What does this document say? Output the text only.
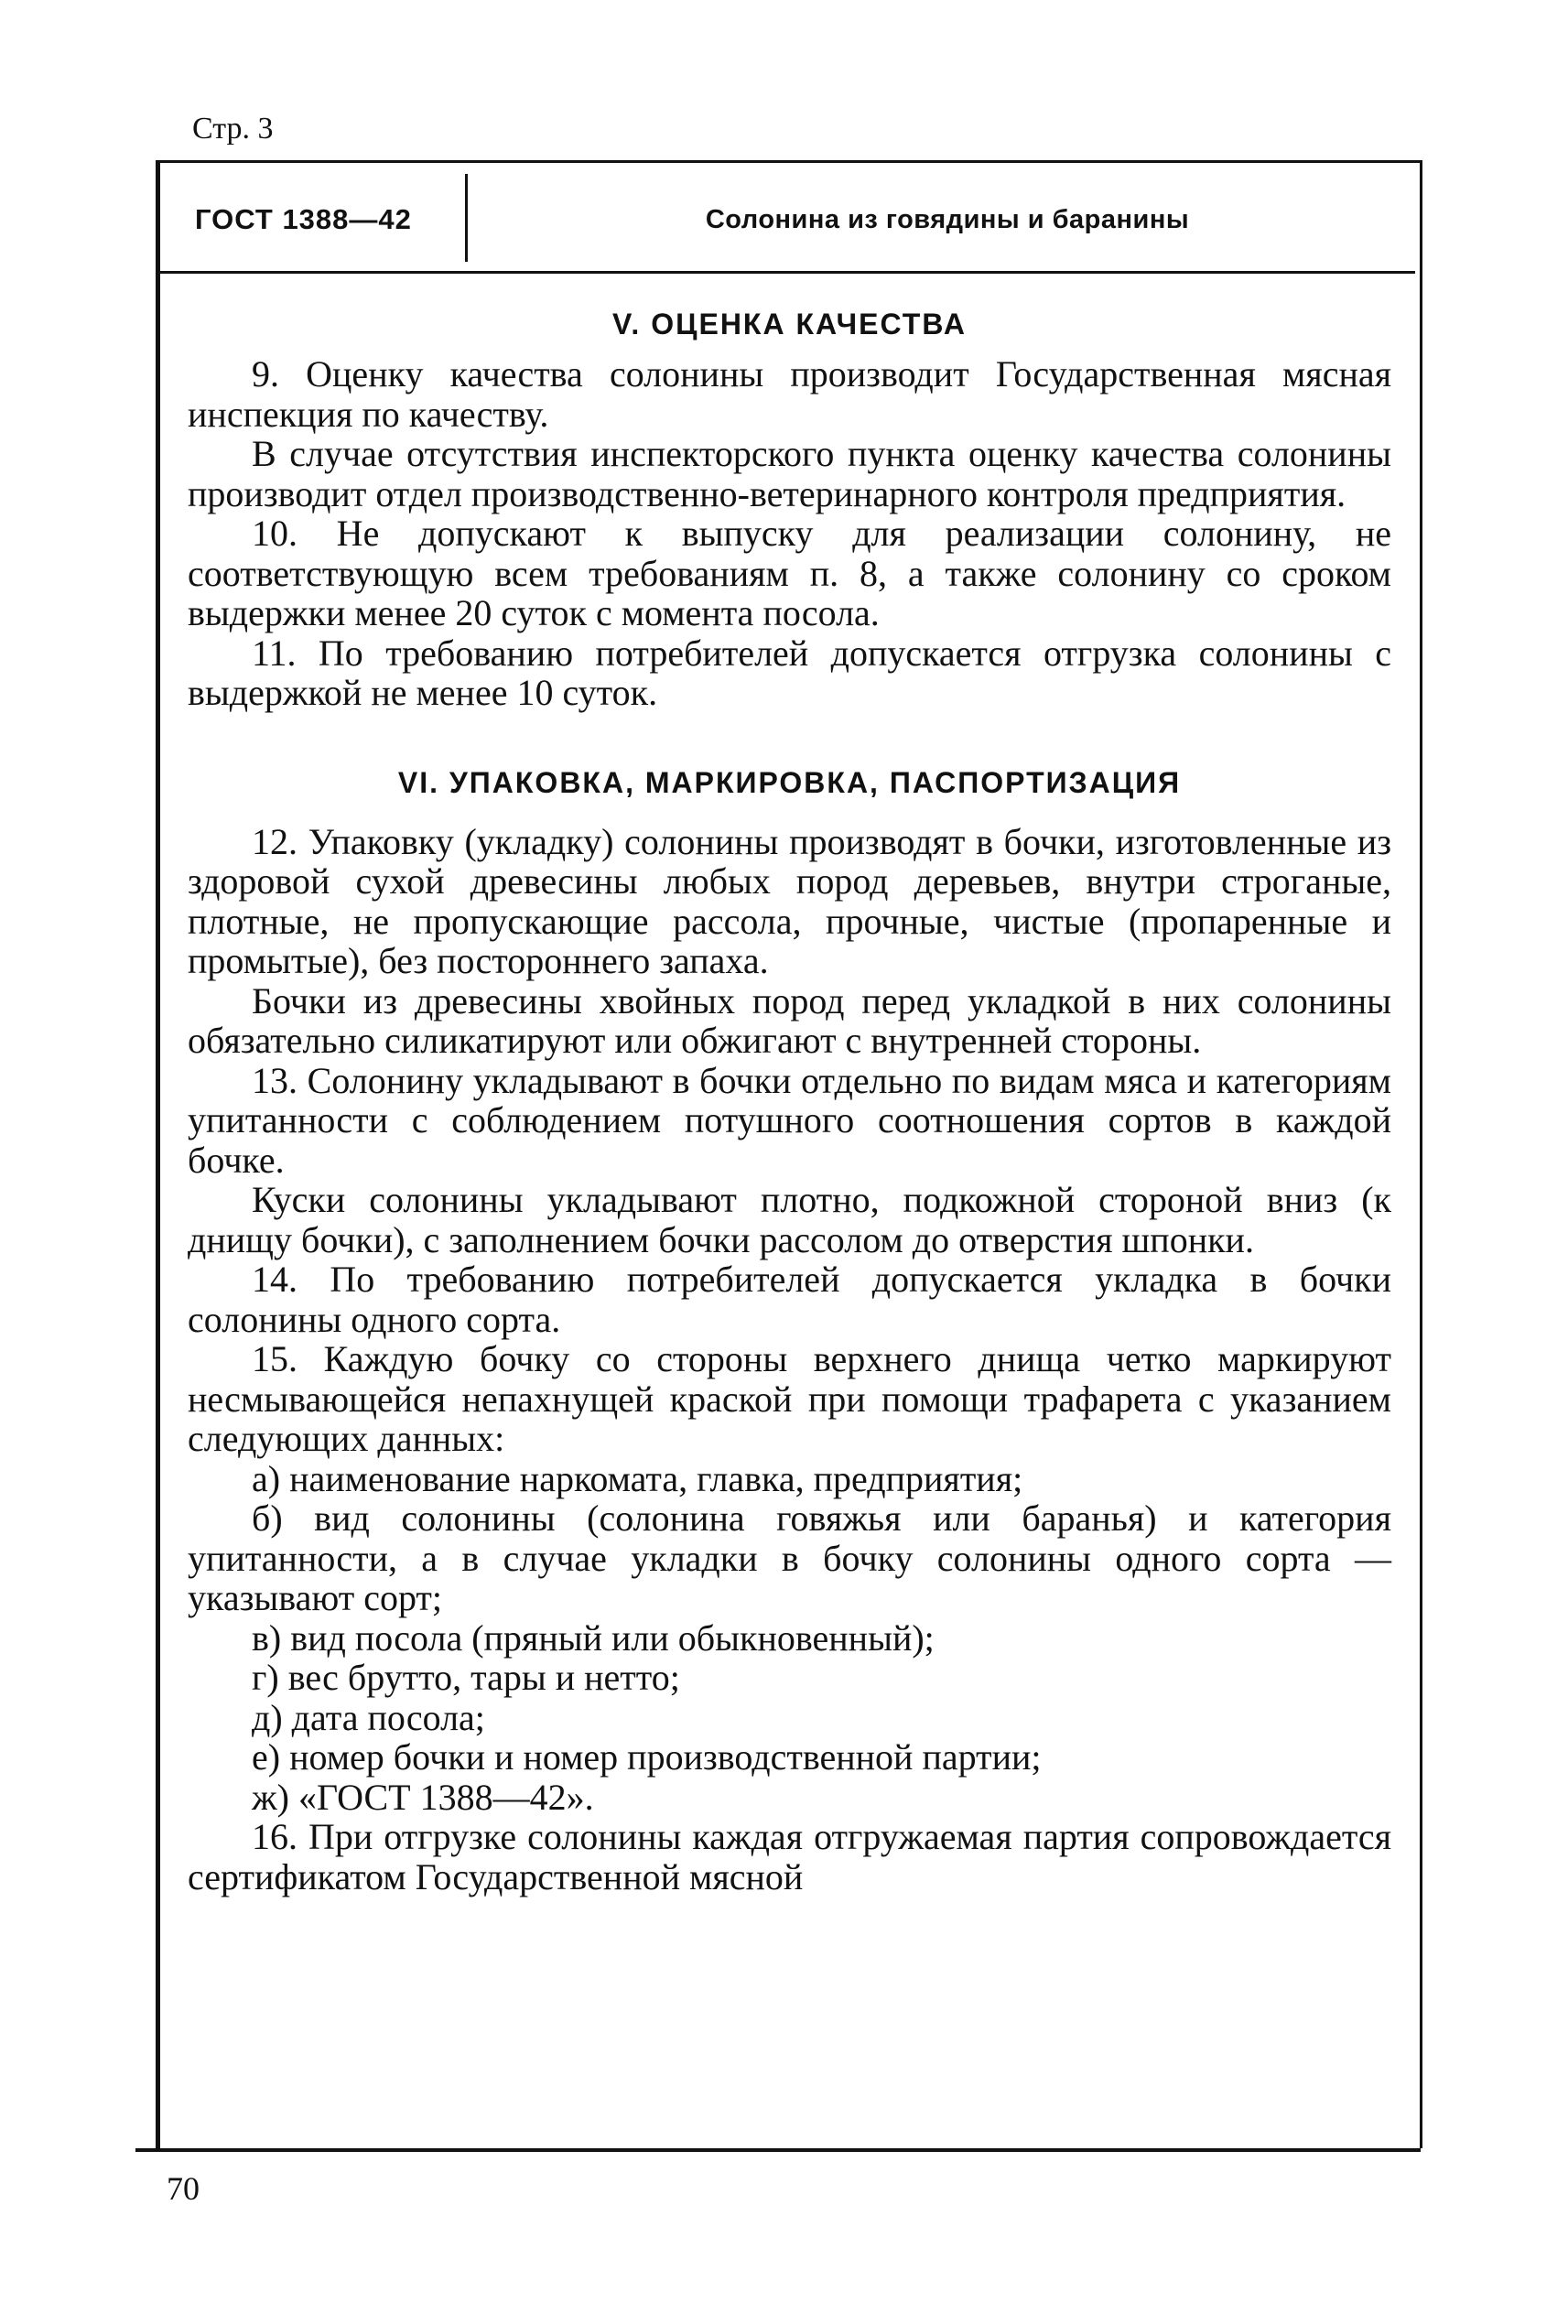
Стр. 3
ГОСТ 1388—42	Солонина из говядины и баранины
V. ОЦЕНКА КАЧЕСТВА

9. Оценку качества солонины производит Государственная мясная инспекция по качеству.

В случае отсутствия инспекторского пункта оценку качества солонины производит отдел производственно-ветеринарного контроля предприятия.

10. Не допускают к выпуску для реализации солонину, не соответствующую всем требованиям п. 8, а также солонину со сроком выдержки менее 20 суток с момента посола.

11. По требованию потребителей допускается отгрузка солонины с выдержкой не менее 10 суток.

VI. УПАКОВКА, МАРКИРОВКА, ПАСПОРТИЗАЦИЯ

12. Упаковку (укладку) солонины производят в бочки, изготовленные из здоровой сухой древесины любых пород деревьев, внутри строганые, плотные, не пропускающие рассола, прочные, чистые (пропаренные и промытые), без постороннего запаха.

Бочки из древесины хвойных пород перед укладкой в них солонины обязательно силикатируют или обжигают с внутренней стороны.

13. Солонину укладывают в бочки отдельно по видам мяса и категориям упитанности с соблюдением потушного соотношения сортов в каждой бочке.

Куски солонины укладывают плотно, подкожной стороной вниз (к днищу бочки), с заполнением бочки рассолом до отверстия шпонки.

14. По требованию потребителей допускается укладка в бочки солонины одного сорта.

15. Каждую бочку со стороны верхнего днища четко маркируют несмывающейся непахнущей краской при помощи трафарета с указанием следующих данных:

а) наименование наркомата, главка, предприятия;

б) вид солонины (солонина говяжья или баранья) и категория упитанности, а в случае укладки в бочку солонины одного сорта — указывают сорт;

в) вид посола (пряный или обыкновенный);

г) вес брутто, тары и нетто;

д) дата посола;

е) номер бочки и номер производственной партии;

ж) «ГОСТ 1388—42».

16. При отгрузке солонины каждая отгружаемая партия сопровождается сертификатом Государственной мясной

70
